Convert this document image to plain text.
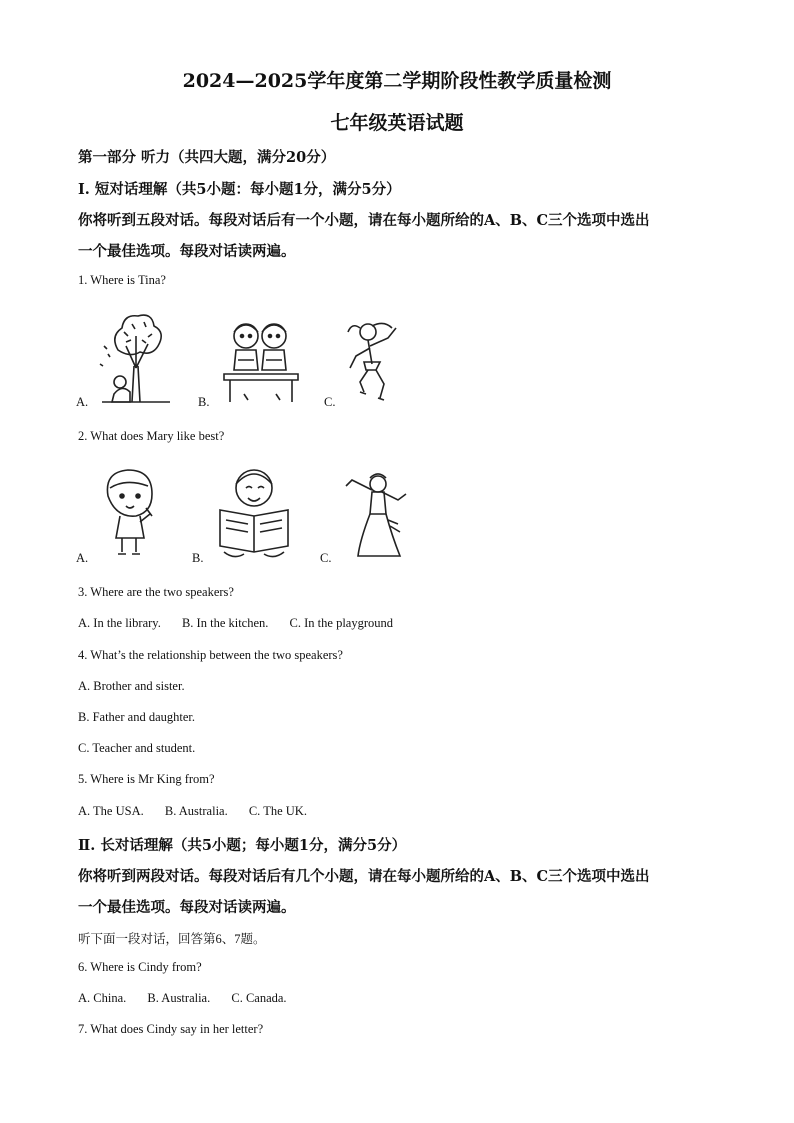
2024—2025学年度第二学期阶段性教学质量检测
七年级英语试题
第一部分 听力（共四大题，满分20分）
Ⅰ. 短对话理解（共5小题：每小题1分，满分5分）
你将听到五段对话。每段对话后有一个小题，请在每小题所给的A、B、C三个选项中选出
一个最佳选项。每段对话读两遍。
1. Where is Tina?
A.	B.	C.
2. What does Mary like best?
A.	B.	C.
3. Where are the two speakers?
A. In the library. B. In the kitchen. C. In the playground
4. What’s the relationship between the two speakers?
A. Brother and sister.
B. Father and daughter.
C. Teacher and student.
5. Where is Mr King from?
A. The USA. B. Australia. C. The UK.
Ⅱ. 长对话理解（共5小题；每小题1分，满分5分）
你将听到两段对话。每段对话后有几个小题，请在每小题所给的A、B、C三个选项中选出
一个最佳选项。每段对话读两遍。
听下面一段对话，回答第6、7题。
6. Where is Cindy from?
A. China. B. Australia. C. Canada.
7. What does Cindy say in her letter?
